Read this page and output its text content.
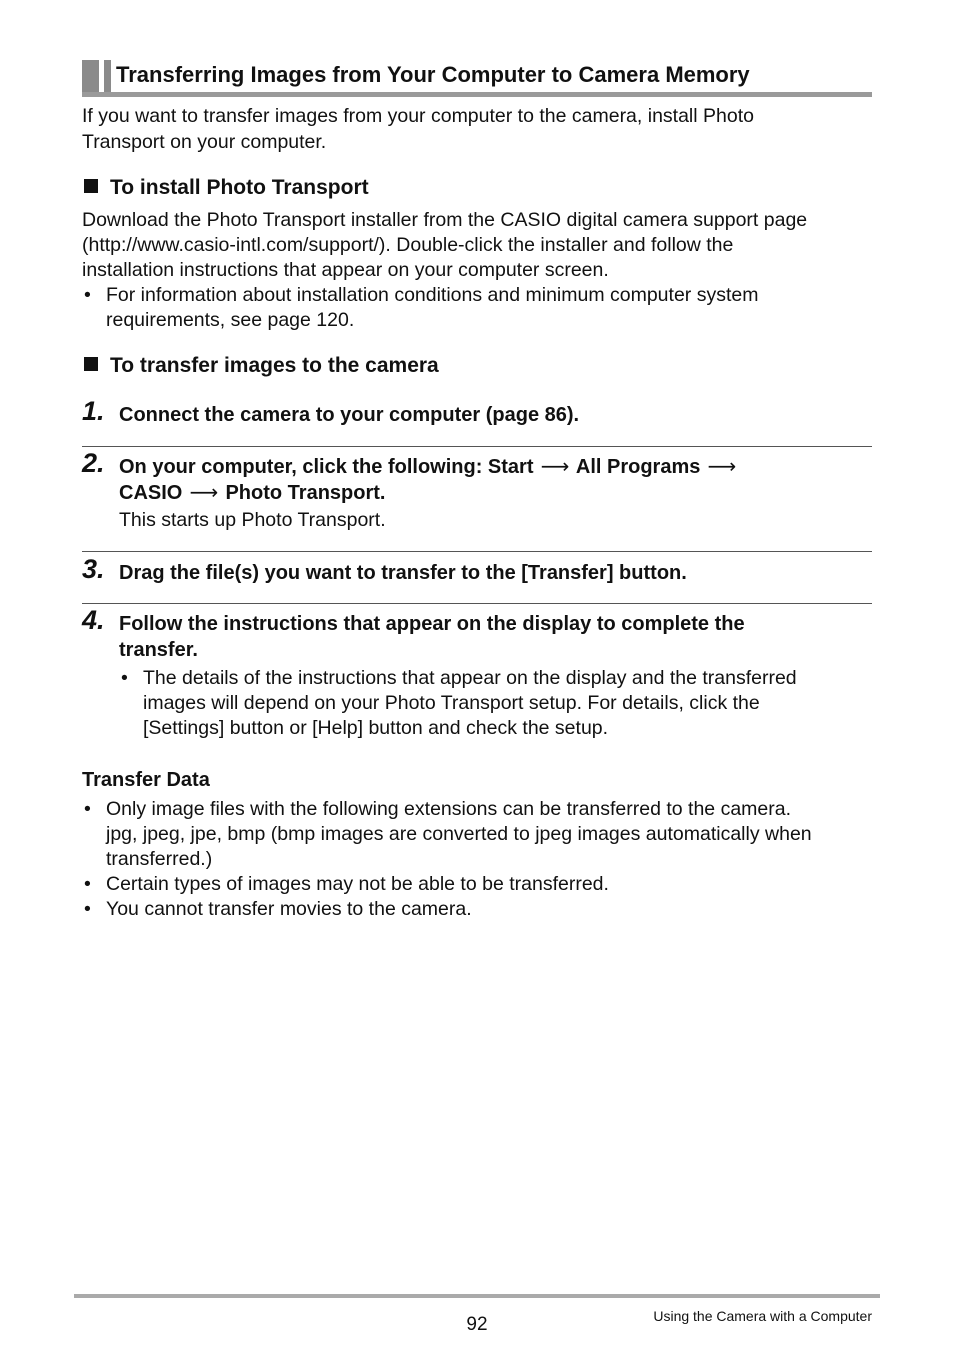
Transferring Images from Your Computer to Camera Memory
If you want to transfer images from your computer to the camera, install Photo
Transport on your computer.
To install Photo Transport
Download the Photo Transport installer from the CASIO digital camera support page
(http://www.casio-intl.com/support/). Double-click the installer and follow the
installation instructions that appear on your computer screen.
• For information about installation conditions and minimum computer system
requirements, see page 120.
To transfer images to the camera
1. Connect the camera to your computer (page 86).
2. On your computer, click the following: Start ⟶ All Programs ⟶
CASIO ⟶ Photo Transport.
This starts up Photo Transport.
3. Drag the file(s) you want to transfer to the [Transfer] button.
4. Follow the instructions that appear on the display to complete the
transfer.
• The details of the instructions that appear on the display and the transferred
images will depend on your Photo Transport setup. For details, click the
[Settings] button or [Help] button and check the setup.
Transfer Data
• Only image files with the following extensions can be transferred to the camera.
jpg, jpeg, jpe, bmp (bmp images are converted to jpeg images automatically when
transferred.)
• Certain types of images may not be able to be transferred.
• You cannot transfer movies to the camera.
92	Using the Camera with a Computer
